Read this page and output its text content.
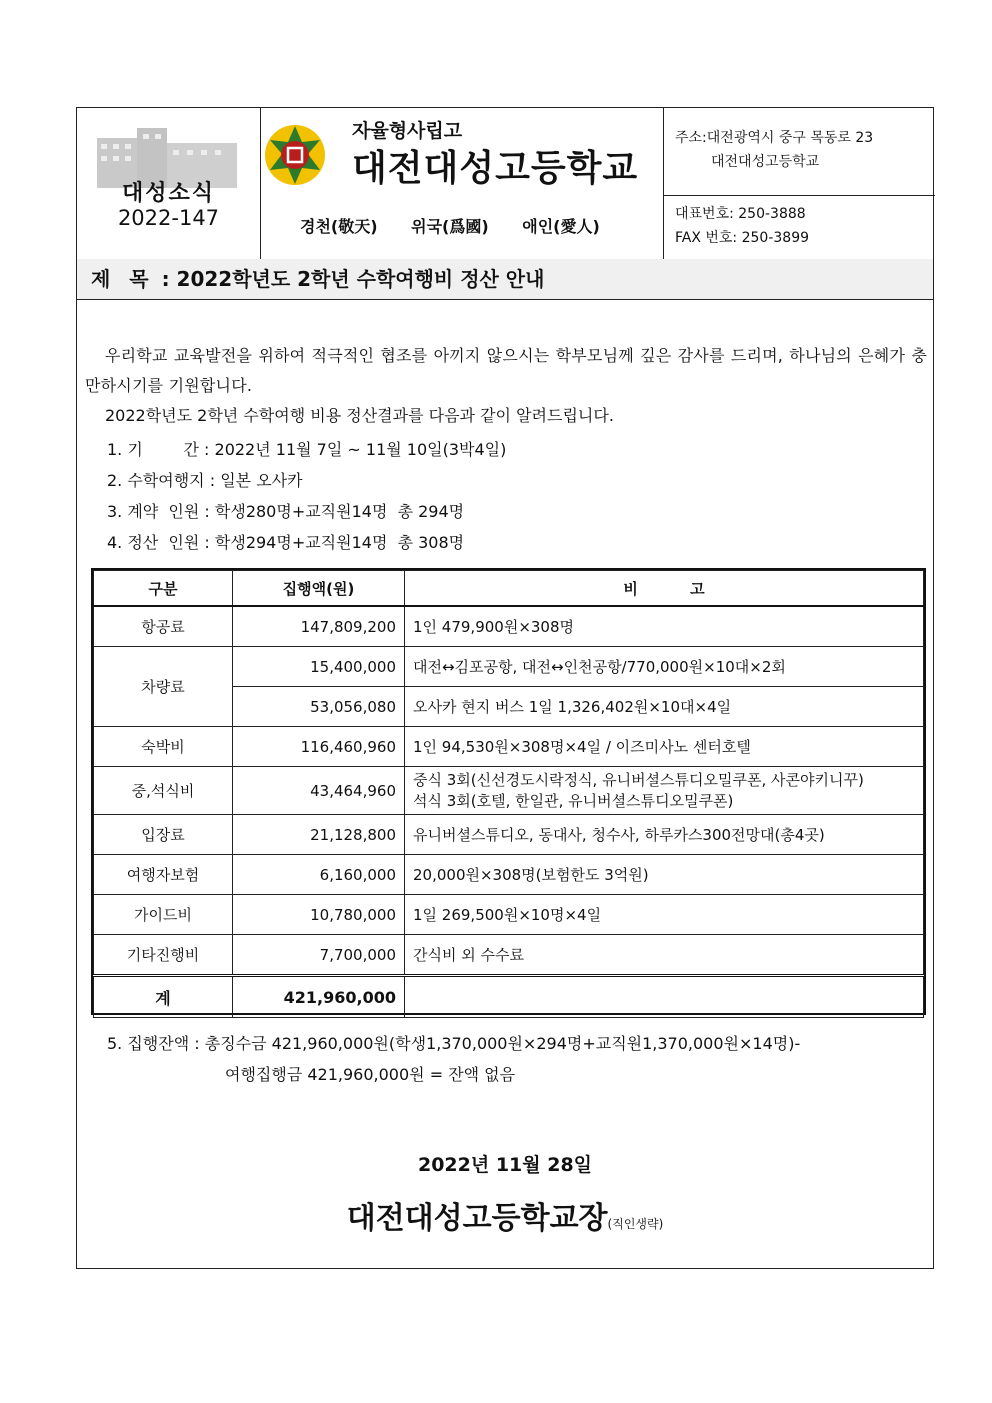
대성소식
2022-147
자율형사립고
대전대성고등학교
경천(敬天) 위국(爲國) 애인(愛人)
주소:대전광역시 중구 목동로 23
대전대성고등학교
대표번호: 250-3888
FAX 번호: 250-3899
제 목 : 2022학년도 2학년 수학여행비 정산 안내
우리학교 교육발전을 위하여 적극적인 협조를 아끼지 않으시는 학부모님께 깊은 감사를 드리며, 하나님의 은혜가 충만하시기를 기원합니다.
2022학년도 2학년 수학여행 비용 정산결과를 다음과 같이 알려드립니다.
1. 기        간 : 2022년 11월 7일 ~ 11월 10일(3박4일)
2. 수학여행지 : 일본 오사카
3. 계약  인원 : 학생280명+교직원14명  총 294명
4. 정산  인원 : 학생294명+교직원14명  총 308명
구분	집행액(원)	비          고
항공료	147,809,200	1인 479,900원×308명
차량료	15,400,000	대전↔김포공항, 대전↔인천공항/770,000원×10대×2회
	53,056,080	오사카 현지 버스 1일 1,326,402원×10대×4일
숙박비	116,460,960	1인 94,530원×308명×4일 / 이즈미사노 센터호텔
중,석식비	43,464,960	중식 3회(신선경도시락정식, 유니버셜스튜디오밀쿠폰, 사콘야키니꾸)
석식 3회(호텔, 한일관, 유니버셜스튜디오밀쿠폰)

입장료	21,128,800	유니버셜스튜디오, 동대사, 청수사, 하루카스300전망대(총4곳)
여행자보험	6,160,000	20,000원×308명(보험한도 3억원)
가이드비	10,780,000	1일 269,500원×10명×4일
기타진행비	7,700,000	간식비 외 수수료
계	421,960,000	
5. 집행잔액 : 총징수금 421,960,000원(학생1,370,000원×294명+교직원1,370,000원×14명)-
여행집행금 421,960,000원 = 잔액 없음
2022년 11월 28일
대전대성고등학교장(직인생략)
